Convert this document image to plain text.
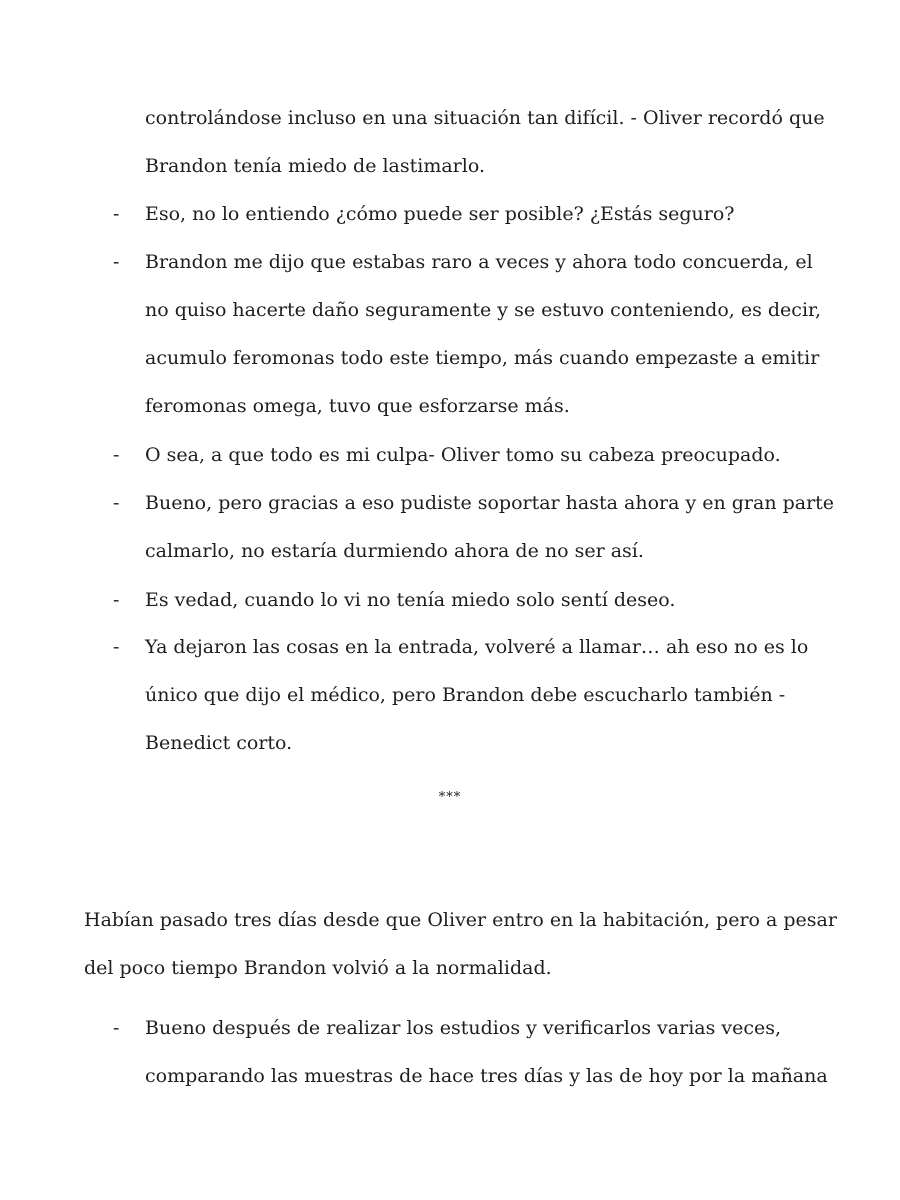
controlándose incluso en una situación tan difícil. - Oliver recordó que
Brandon tenía miedo de lastimarlo.
- Eso, no lo entiendo ¿cómo puede ser posible? ¿Estás seguro?
- Brandon me dijo que estabas raro a veces y ahora todo concuerda, el
no quiso hacerte daño seguramente y se estuvo conteniendo, es decir,
acumulo feromonas todo este tiempo, más cuando empezaste a emitir
feromonas omega, tuvo que esforzarse más.
- O sea, a que todo es mi culpa- Oliver tomo su cabeza preocupado.
- Bueno, pero gracias a eso pudiste soportar hasta ahora y en gran parte
calmarlo, no estaría durmiendo ahora de no ser así.
- Es vedad, cuando lo vi no tenía miedo solo sentí deseo.
- Ya dejaron las cosas en la entrada, volveré a llamar… ah eso no es lo
único que dijo el médico, pero Brandon debe escucharlo también -
Benedict corto.
***
Habían pasado tres días desde que Oliver entro en la habitación, pero a pesar
del poco tiempo Brandon volvió a la normalidad.
- Bueno después de realizar los estudios y verificarlos varias veces,
comparando las muestras de hace tres días y las de hoy por la mañana
